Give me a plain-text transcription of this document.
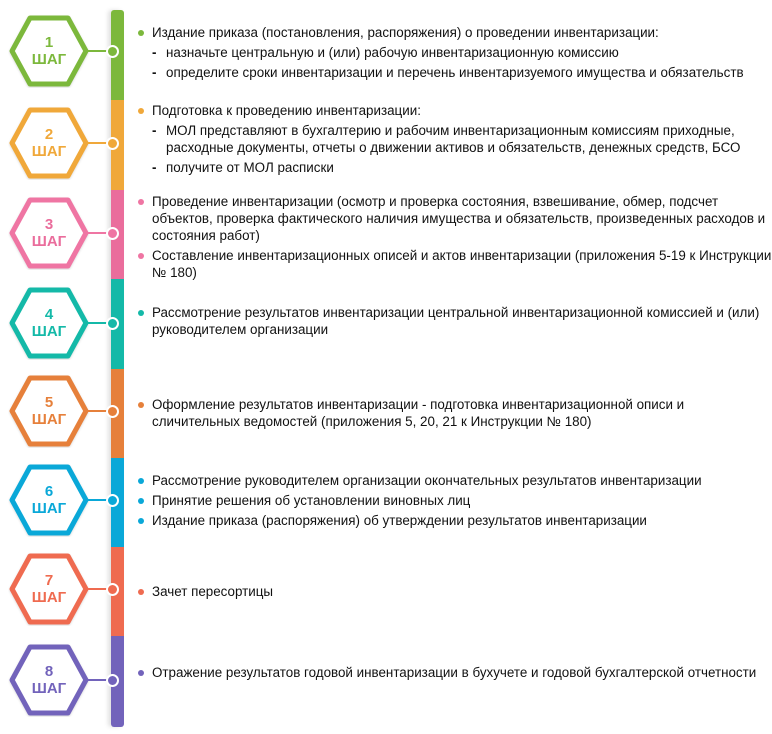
1
ШАГ
Издание приказа (постановления, распоряжения) о проведении инвентаризации:
- назначьте центральную и (или) рабочую инвентаризационную комиссию
- определите сроки инвентаризации и перечень инвентаризуемого имущества и обязательств
2
ШАГ
Подготовка к проведению инвентаризации:
- МОЛ представляют в бухгалтерию и рабочим инвентаризационным комиссиям приходные, расходные документы, отчеты о движении активов и обязательств, денежных средств, БСО
- получите от МОЛ расписки
3
ШАГ
Проведение инвентаризации (осмотр и проверка состояния, взвешивание, обмер, подсчет объектов, проверка фактического наличия имущества и обязательств, произведенных расходов и состояния работ)
Составление инвентаризационных описей и актов инвентаризации (приложения 5-19 к Инструкции № 180)
4
ШАГ
Рассмотрение результатов инвентаризации центральной инвентаризационной комиссией и (или) руководителем организации
5
ШАГ
Оформление результатов инвентаризации - подготовка инвентаризационной описи и сличительных ведомостей (приложения 5, 20, 21 к Инструкции № 180)
6
ШАГ
Рассмотрение руководителем организации окончательных результатов инвентаризации
Принятие решения об установлении виновных лиц
Издание приказа (распоряжения) об утверждении результатов инвентаризации
7
ШАГ	Зачет пересортицы
8
ШАГ
Отражение результатов годовой инвентаризации в бухучете и годовой бухгалтерской отчетности
